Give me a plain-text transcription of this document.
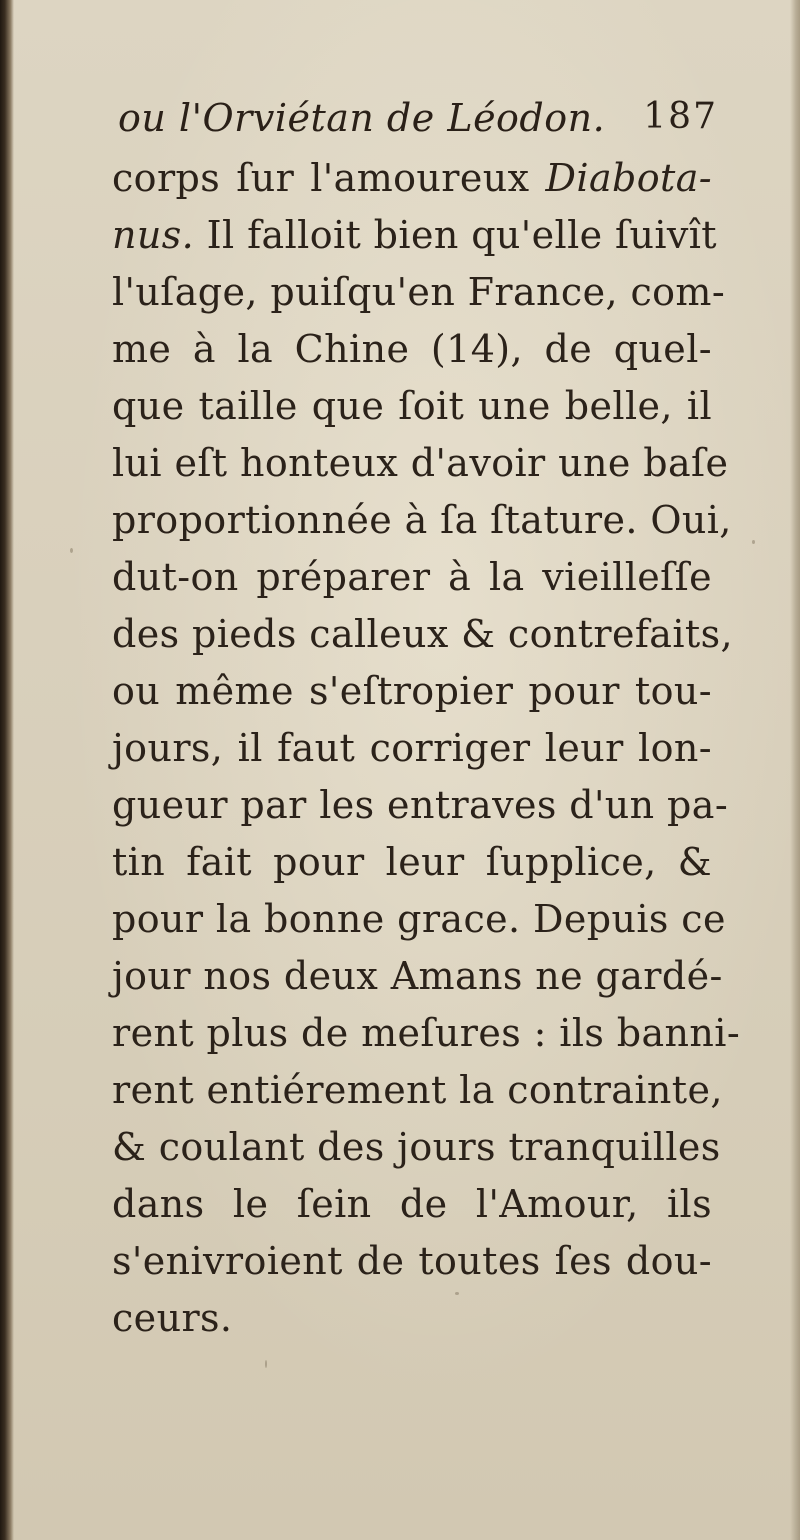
ou l'Orviétan de Léodon. 187
corps ſur l'amoureux Diabota-
nus. Il falloit bien qu'elle ſuivît
l'uſage, puiſqu'en France, com-
me à la Chine (14), de quel-
que taille que ſoit une belle, il
lui eſt honteux d'avoir une baſe
proportionnée à ſa ſtature. Oui,
dut-on préparer à la vieilleſſe
des pieds calleux & contrefaits,
ou même s'eſtropier pour tou-
jours, il faut corriger leur lon-
gueur par les entraves d'un pa-
tin fait pour leur ſupplice, &
pour la bonne grace. Depuis ce
jour nos deux Amans ne gardé-
rent plus de meſures : ils banni-
rent entiérement la contrainte,
& coulant des jours tranquilles
dans le ſein de l'Amour, ils
s'enivroient de toutes ſes dou-
ceurs.
